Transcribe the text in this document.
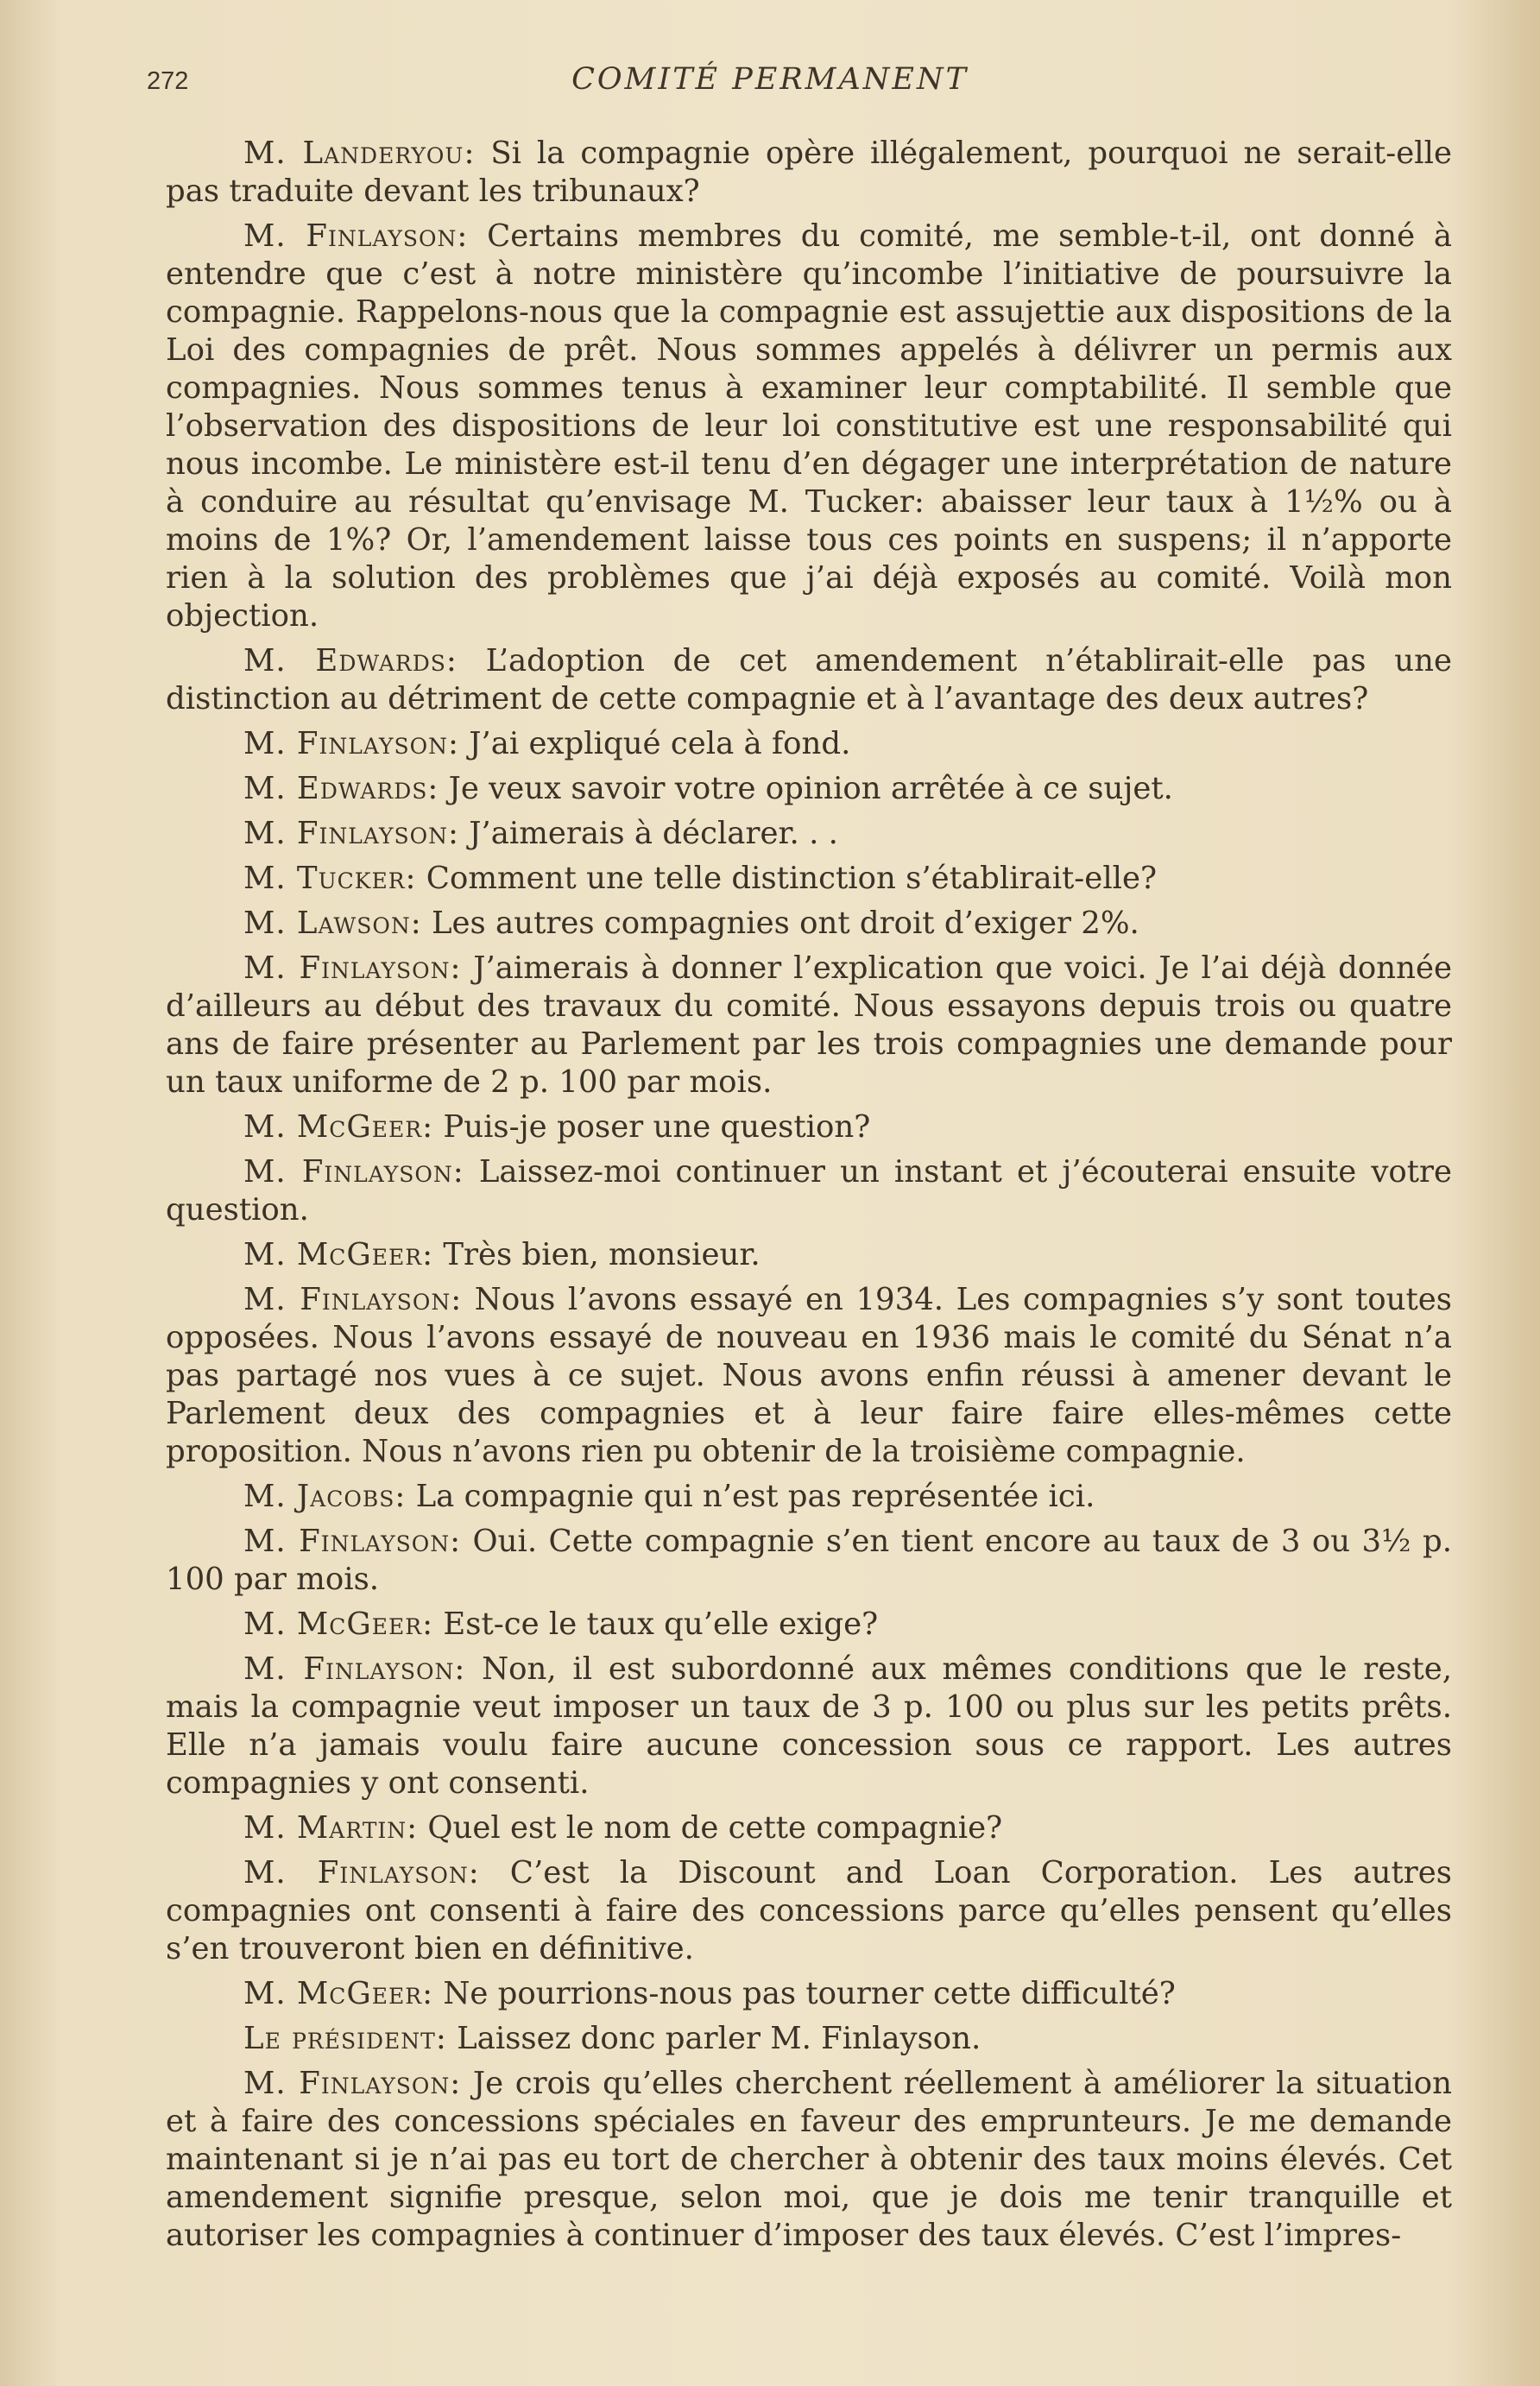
272	COMITÉ PERMANENT

M. Landeryou: Si la compagnie opère illégalement, pourquoi ne serait-elle pas traduite devant les tribunaux?

M. Finlayson: Certains membres du comité, me semble-t-il, ont donné à entendre que c’est à notre ministère qu’incombe l’initiative de poursuivre la compagnie. Rappelons-nous que la compagnie est assujettie aux dispositions de la Loi des compagnies de prêt. Nous sommes appelés à délivrer un permis aux compagnies. Nous sommes tenus à examiner leur comptabilité. Il semble que l’observation des dispositions de leur loi constitutive est une responsabilité qui nous incombe. Le ministère est-il tenu d’en dégager une interprétation de nature à conduire au résultat qu’envisage M. Tucker: abaisser leur taux à 1½% ou à moins de 1%? Or, l’amendement laisse tous ces points en suspens; il n’apporte rien à la solution des problèmes que j’ai déjà exposés au comité. Voilà mon objection.

M. Edwards: L’adoption de cet amendement n’établirait-elle pas une distinction au détriment de cette compagnie et à l’avantage des deux autres?

M. Finlayson: J’ai expliqué cela à fond.

M. Edwards: Je veux savoir votre opinion arrêtée à ce sujet.

M. Finlayson: J’aimerais à déclarer. . .

M. Tucker: Comment une telle distinction s’établirait-elle?

M. Lawson: Les autres compagnies ont droit d’exiger 2%.

M. Finlayson: J’aimerais à donner l’explication que voici. Je l’ai déjà donnée d’ailleurs au début des travaux du comité. Nous essayons depuis trois ou quatre ans de faire présenter au Parlement par les trois compagnies une demande pour un taux uniforme de 2 p. 100 par mois.

M. McGeer: Puis-je poser une question?

M. Finlayson: Laissez-moi continuer un instant et j’écouterai ensuite votre question.

M. McGeer: Très bien, monsieur.

M. Finlayson: Nous l’avons essayé en 1934. Les compagnies s’y sont toutes opposées. Nous l’avons essayé de nouveau en 1936 mais le comité du Sénat n’a pas partagé nos vues à ce sujet. Nous avons enfin réussi à amener devant le Parlement deux des compagnies et à leur faire faire elles-mêmes cette proposition. Nous n’avons rien pu obtenir de la troisième compagnie.

M. Jacobs: La compagnie qui n’est pas représentée ici.

M. Finlayson: Oui. Cette compagnie s’en tient encore au taux de 3 ou 3½ p. 100 par mois.

M. McGeer: Est-ce le taux qu’elle exige?

M. Finlayson: Non, il est subordonné aux mêmes conditions que le reste, mais la compagnie veut imposer un taux de 3 p. 100 ou plus sur les petits prêts. Elle n’a jamais voulu faire aucune concession sous ce rapport. Les autres compagnies y ont consenti.

M. Martin: Quel est le nom de cette compagnie?

M. Finlayson: C’est la Discount and Loan Corporation. Les autres compagnies ont consenti à faire des concessions parce qu’elles pensent qu’elles s’en trouveront bien en définitive.

M. McGeer: Ne pourrions-nous pas tourner cette difficulté?

Le président: Laissez donc parler M. Finlayson.

M. Finlayson: Je crois qu’elles cherchent réellement à améliorer la situation et à faire des concessions spéciales en faveur des emprunteurs. Je me demande maintenant si je n’ai pas eu tort de chercher à obtenir des taux moins élevés. Cet amendement signifie presque, selon moi, que je dois me tenir tranquille et autoriser les compagnies à continuer d’imposer des taux élevés. C’est l’impres-
